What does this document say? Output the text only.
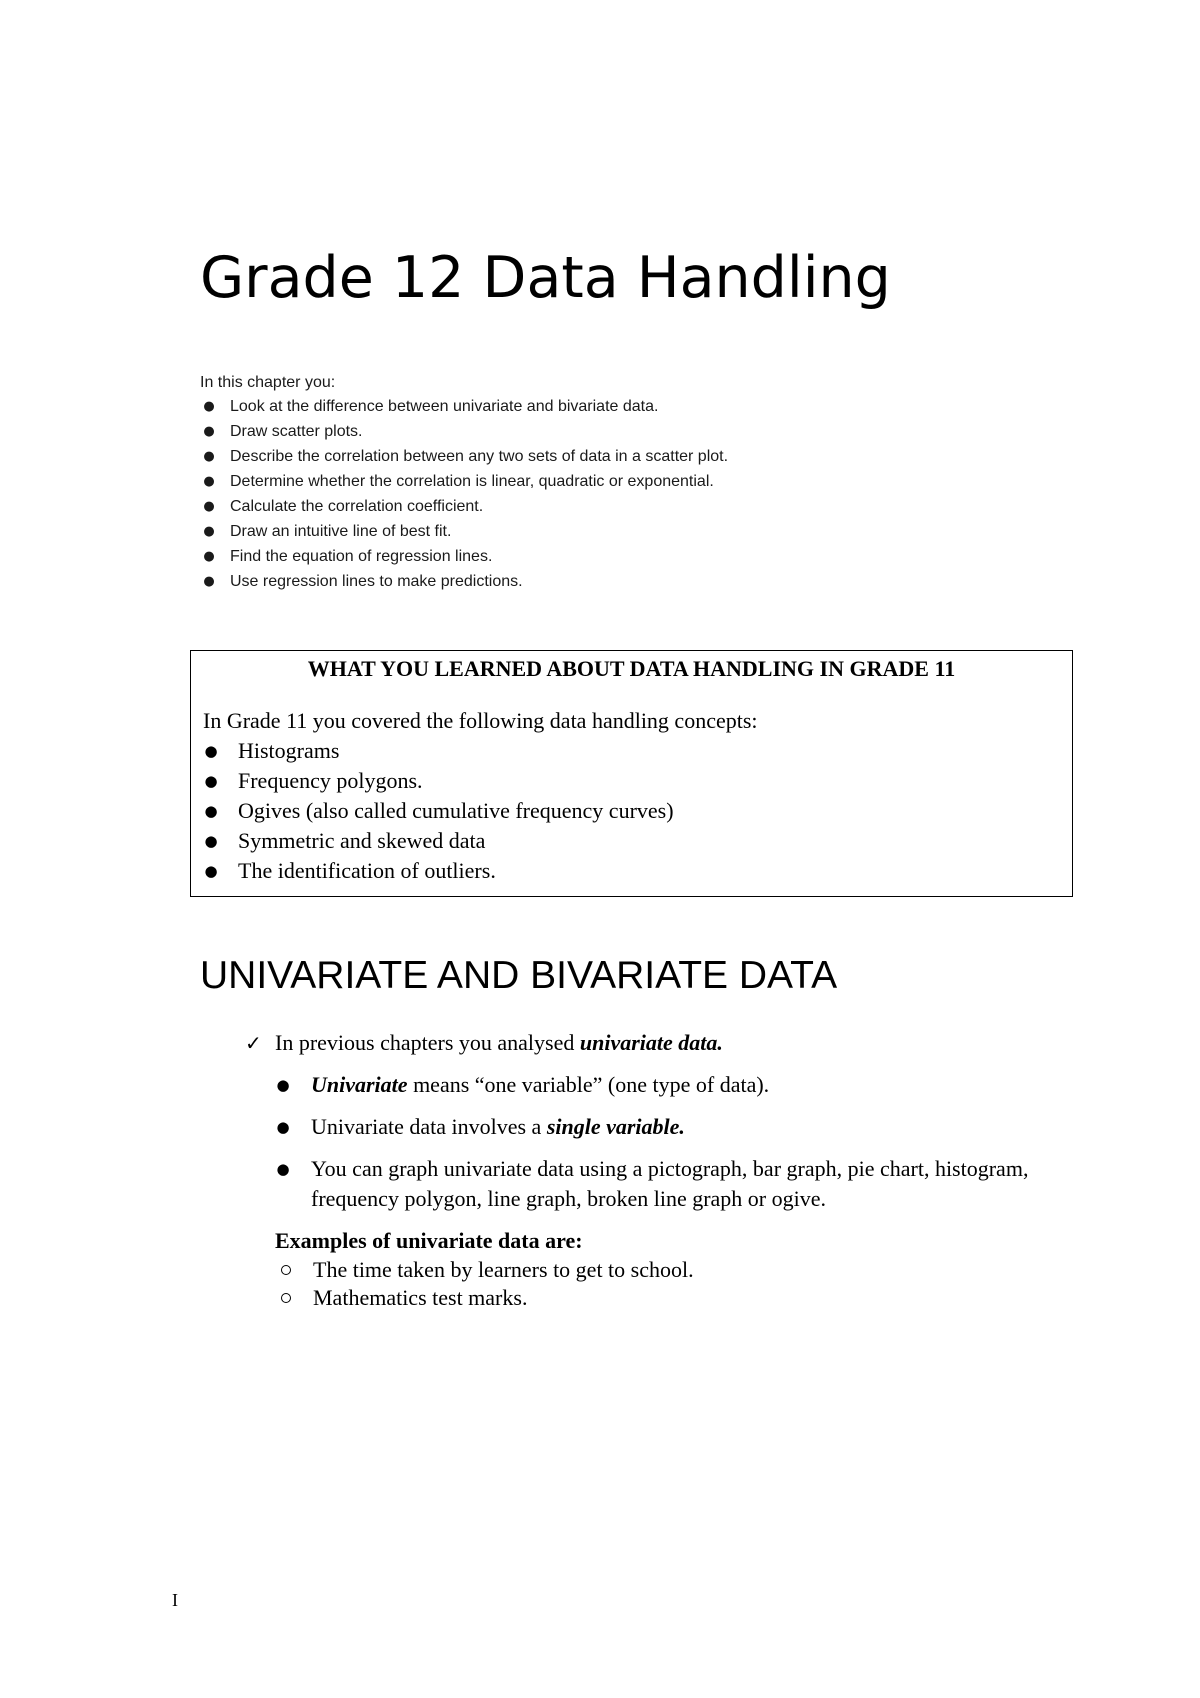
Grade 12 Data Handling
In this chapter you:
● Look at the difference between univariate and bivariate data.
● Draw scatter plots.
● Describe the correlation between any two sets of data in a scatter plot.
● Determine whether the correlation is linear, quadratic or exponential.
● Calculate the correlation coefficient.
● Draw an intuitive line of best fit.
● Find the equation of regression lines.
● Use regression lines to make predictions.
WHAT YOU LEARNED ABOUT DATA HANDLING IN GRADE 11
In Grade 11 you covered the following data handling concepts:
● Histograms
● Frequency polygons.
● Ogives (also called cumulative frequency curves)
● Symmetric and skewed data
● The identification of outliers.
UNIVARIATE AND BIVARIATE DATA
✓ In previous chapters you analysed univariate data.
● Univariate means “one variable” (one type of data).
● Univariate data involves a single variable.
● You can graph univariate data using a pictograph, bar graph, pie chart, histogram, frequency polygon, line graph, broken line graph or ogive.
Examples of univariate data are:
The time taken by learners to get to school.
Mathematics test marks.
I
